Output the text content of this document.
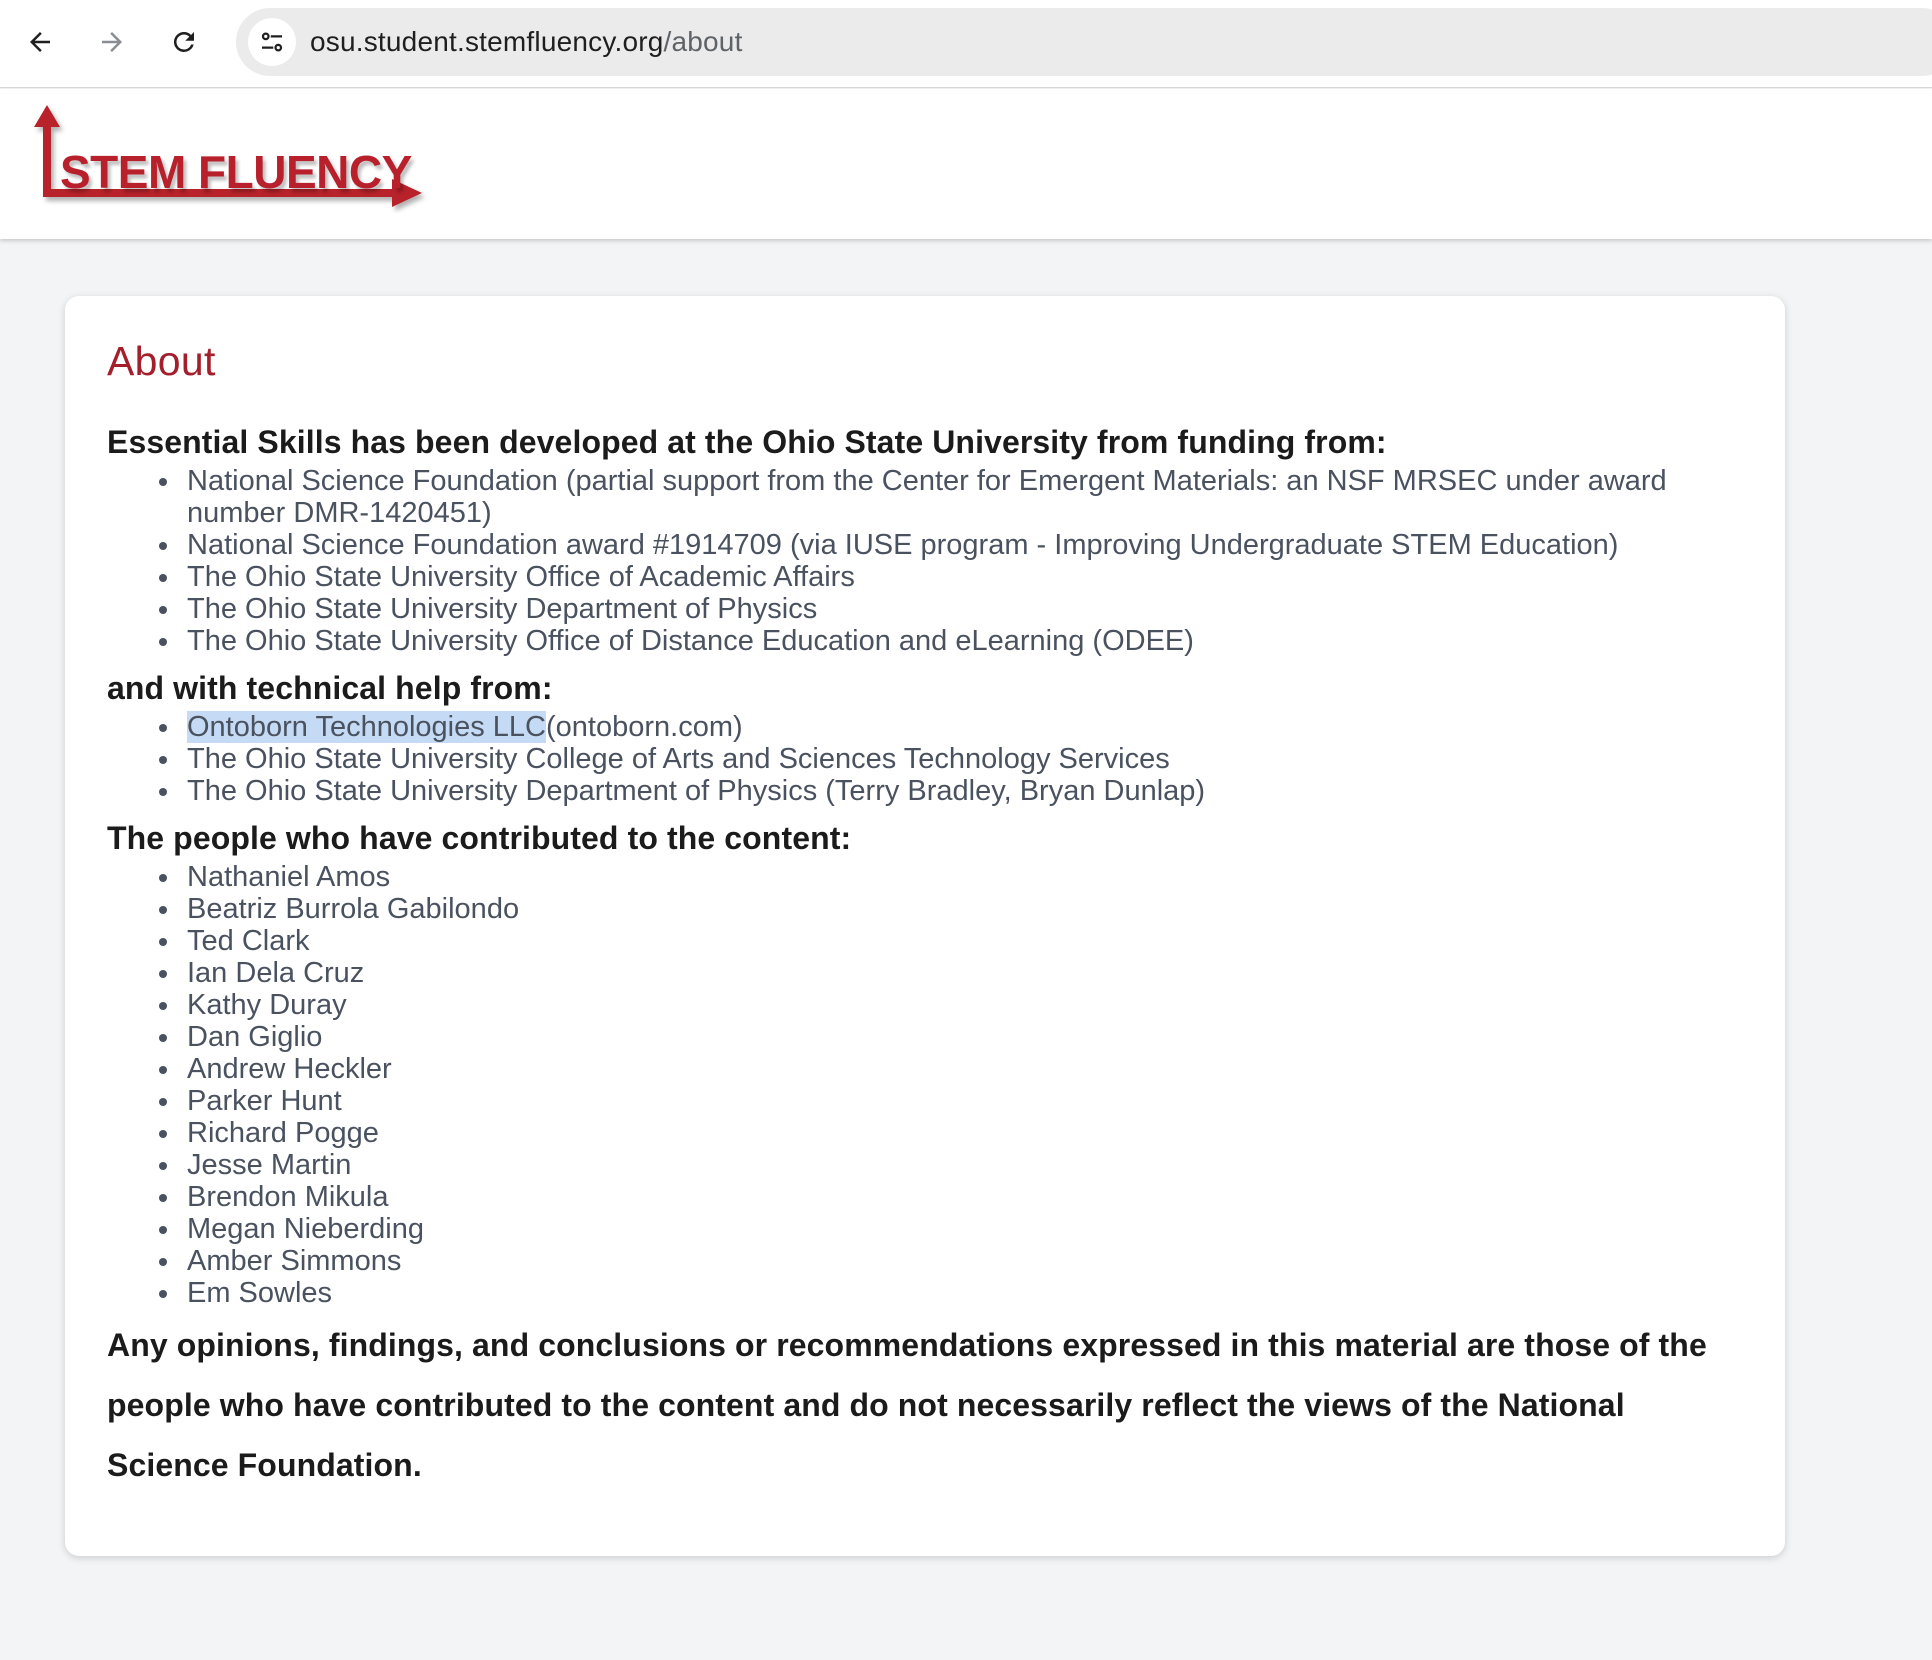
osu.student.stemfluency.org/about
STEM FLUENCY
About
Essential Skills has been developed at the Ohio State University from funding from:
National Science Foundation (partial support from the Center for Emergent Materials: an NSF MRSEC under award number DMR-1420451)
National Science Foundation award #1914709 (via IUSE program - Improving Undergraduate STEM Education)
The Ohio State University Office of Academic Affairs
The Ohio State University Department of Physics
The Ohio State University Office of Distance Education and eLearning (ODEE)
and with technical help from:
Ontoborn Technologies LLC(ontoborn.com)
The Ohio State University College of Arts and Sciences Technology Services
The Ohio State University Department of Physics (Terry Bradley, Bryan Dunlap)
The people who have contributed to the content:
Nathaniel Amos
Beatriz Burrola Gabilondo
Ted Clark
Ian Dela Cruz
Kathy Duray
Dan Giglio
Andrew Heckler
Parker Hunt
Richard Pogge
Jesse Martin
Brendon Mikula
Megan Nieberding
Amber Simmons
Em Sowles
Any opinions, findings, and conclusions or recommendations expressed in this material are those of the people who have contributed to the content and do not necessarily reflect the views of the National Science Foundation.
